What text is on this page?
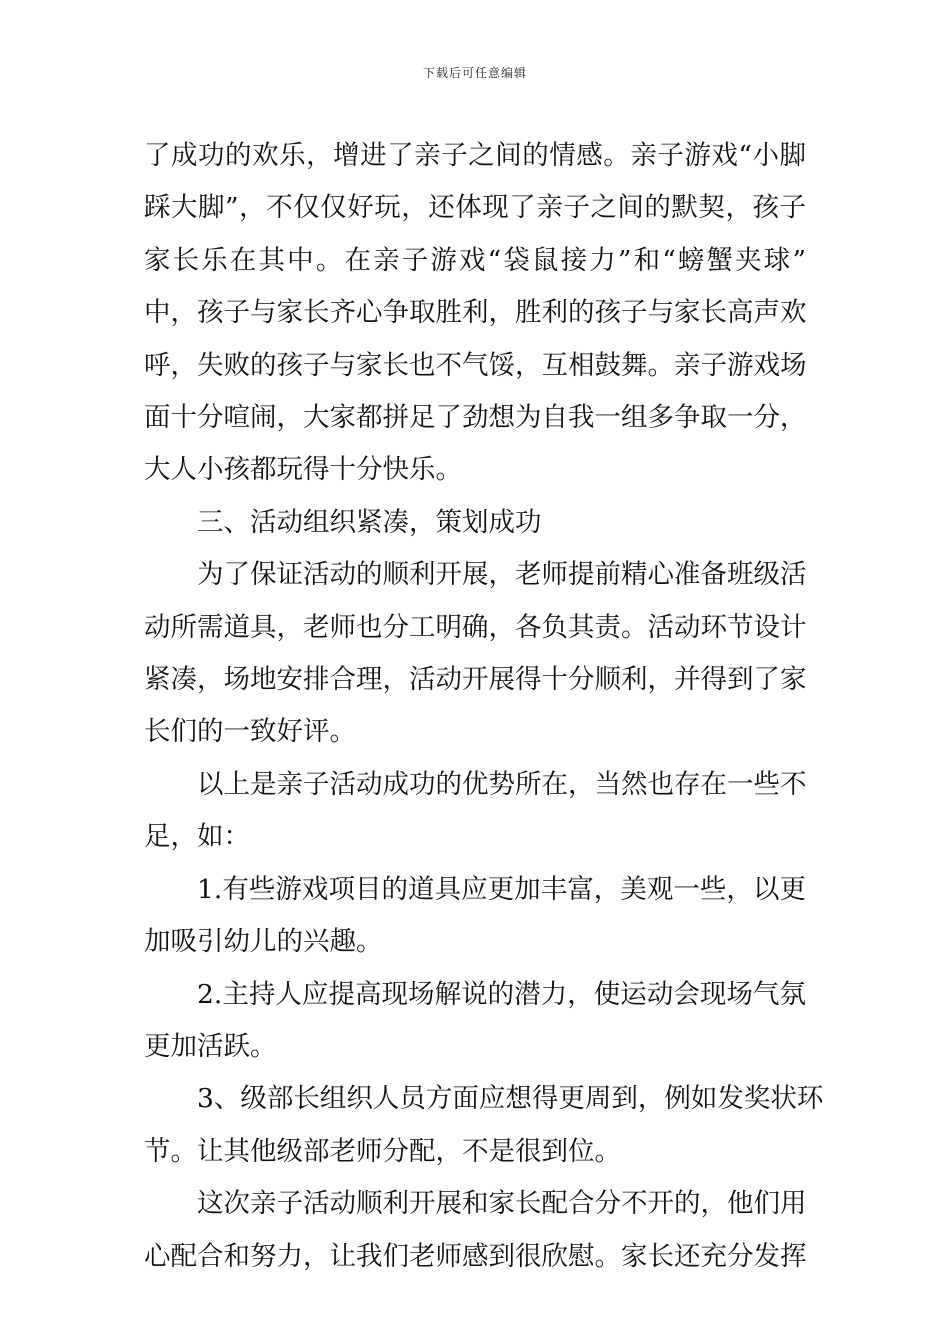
下载后可任意编辑

了成功的欢乐，增进了亲子之间的情感。亲子游戏“小脚
踩大脚”，不仅仅好玩，还体现了亲子之间的默契，孩子
家长乐在其中。在亲子游戏“袋鼠接力”和“螃蟹夹球”
中，孩子与家长齐心争取胜利，胜利的孩子与家长高声欢
呼，失败的孩子与家长也不气馁，互相鼓舞。亲子游戏场
面十分喧闹，大家都拼足了劲想为自我一组多争取一分，
大人小孩都玩得十分快乐。

三、活动组织紧凑，策划成功

为了保证活动的顺利开展，老师提前精心准备班级活
动所需道具，老师也分工明确，各负其责。活动环节设计
紧凑，场地安排合理，活动开展得十分顺利，并得到了家
长们的一致好评。

以上是亲子活动成功的优势所在，当然也存在一些不
足，如：

1.有些游戏项目的道具应更加丰富，美观一些，以更
加吸引幼儿的兴趣。

2.主持人应提高现场解说的潜力，使运动会现场气氛
更加活跃。

3、级部长组织人员方面应想得更周到，例如发奖状环
节。让其他级部老师分配，不是很到位。

这次亲子活动顺利开展和家长配合分不开的，他们用
心配合和努力，让我们老师感到很欣慰。家长还充分发挥
